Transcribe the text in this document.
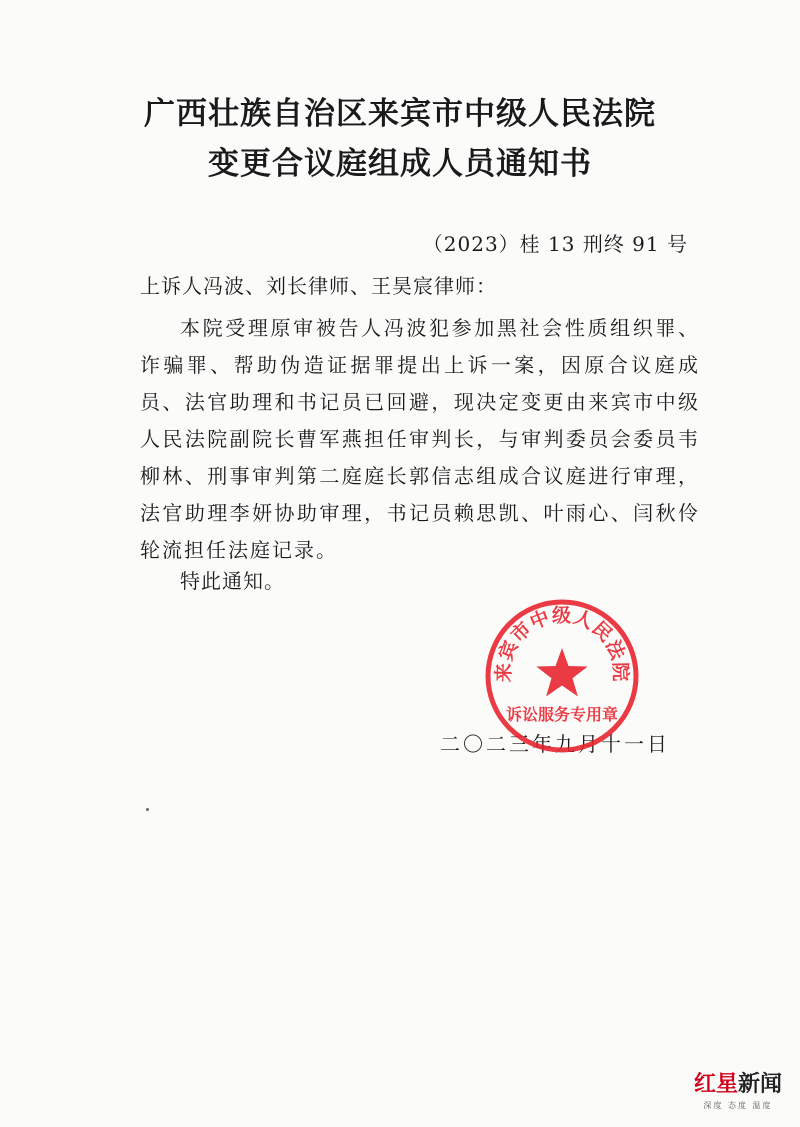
广西壮族自治区来宾市中级人民法院
变更合议庭组成人员通知书
（2023）桂 13 刑终 91 号
上诉人冯波、刘长律师、王昊宸律师：

本院受理原审被告人冯波犯参加黑社会性质组织罪、诈骗罪、帮助伪造证据罪提出上诉一案，因原合议庭成员、法官助理和书记员已回避，现决定变更由来宾市中级人民法院副院长曹军燕担任审判长，与审判委员会委员韦柳林、刑事审判第二庭庭长郭信志组成合议庭进行审理，法官助理李妍协助审理，书记员赖思凯、叶雨心、闫秋伶轮流担任法庭记录。

特此通知。
二〇二三年九月十一日
来宾市中级人民法院
诉讼服务专用章
红星新闻
深度 态度 温度
